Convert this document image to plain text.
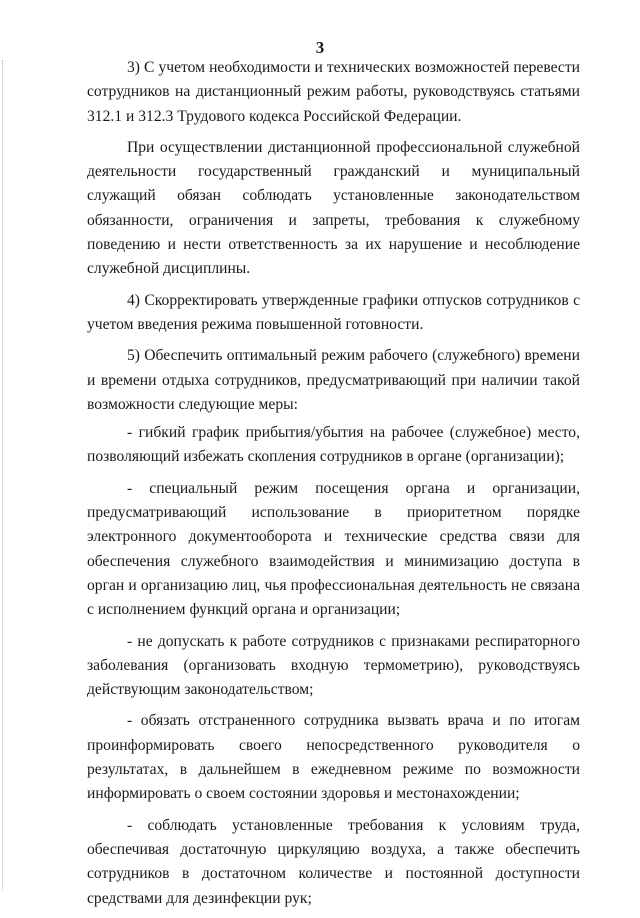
3

3) С учетом необходимости и технических возможностей перевести сотрудников на дистанционный режим работы, руководствуясь статьями 312.1 и 312.3 Трудового кодекса Российской Федерации.

При осуществлении дистанционной профессиональной служебной деятельности государственный гражданский и муниципальный служащий обязан соблюдать установленные законодательством обязанности, ограничения и запреты, требования к служебному поведению и нести ответственность за их нарушение и несоблюдение служебной дисциплины.

4) Скорректировать утвержденные графики отпусков сотрудников с учетом введения режима повышенной готовности.

5) Обеспечить оптимальный режим рабочего (служебного) времени и времени отдыха сотрудников, предусматривающий при наличии такой возможности следующие меры:

- гибкий график прибытия/убытия на рабочее (служебное) место, позволяющий избежать скопления сотрудников в органе (организации);

- специальный режим посещения органа и организации, предусматривающий использование в приоритетном порядке электронного документооборота и технические средства связи для обеспечения служебного взаимодействия и минимизацию доступа в орган и организацию лиц, чья профессиональная деятельность не связана с исполнением функций органа и организации;

- не допускать к работе сотрудников с признаками респираторного заболевания (организовать входную термометрию), руководствуясь действующим законодательством;

- обязать отстраненного сотрудника вызвать врача и по итогам проинформировать своего непосредственного руководителя о результатах, в дальнейшем в ежедневном режиме по возможности информировать о своем состоянии здоровья и местонахождении;

- соблюдать установленные требования к условиям труда, обеспечивая достаточную циркуляцию воздуха, а также обеспечить сотрудников в достаточном количестве и постоянной доступности средствами для дезинфекции рук;
